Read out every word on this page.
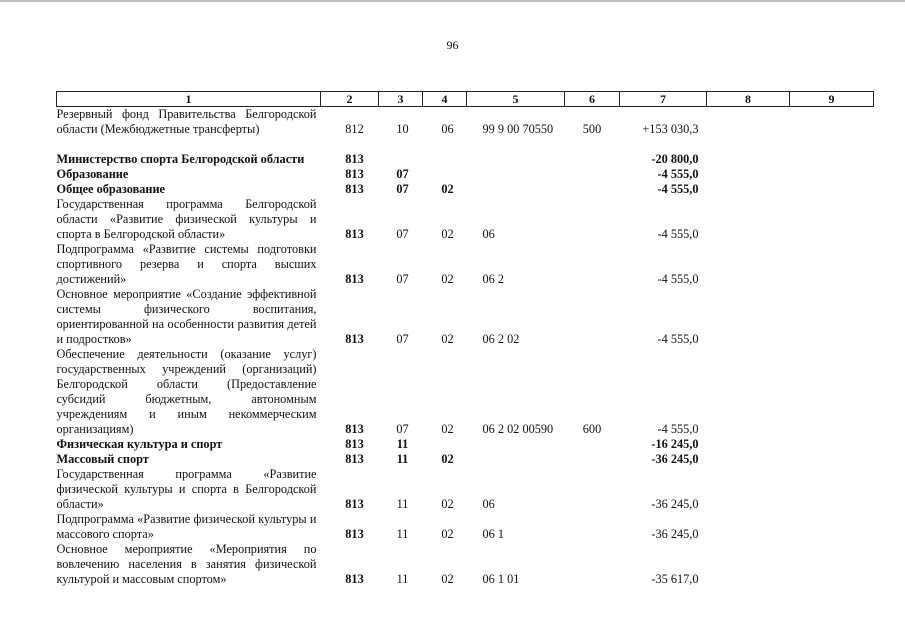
96
1	2	3	4	5	6	7	8	9
Резервный фонд Правительства Белгородской области (Межбюджетные трансферты)	812	10	06	99 9 00 70550	500	+153 030,3		
Министерство спорта Белгородской области	813					-20 800,0		
Образование	813	07				-4 555,0		
Общее образование	813	07	02			-4 555,0		
Государственная программа Белгородской области «Развитие физической культуры и спорта в Белгородской области»	813	07	02	06		-4 555,0		
Подпрограмма «Развитие системы подготовки спортивного резерва и спорта высших достижений»	813	07	02	06 2		-4 555,0		
Основное мероприятие «Создание эффективной системы физического воспитания, ориентированной на особенности развития детей и подростков»	813	07	02	06 2 02		-4 555,0		
Обеспечение деятельности (оказание услуг) государственных учреждений (организаций) Белгородской области (Предоставление субсидий бюджетным, автономным учреждениям и иным некоммерческим организациям)	813	07	02	06 2 02 00590	600	-4 555,0		
Физическая культура и спорт	813	11				-16 245,0		
Массовый спорт	813	11	02			-36 245,0		
Государственная программа «Развитие физической культуры и спорта в Белгородской области»	813	11	02	06		-36 245,0		
Подпрограмма «Развитие физической культуры и массового спорта»	813	11	02	06 1		-36 245,0		
Основное мероприятие «Мероприятия по вовлечению населения в занятия физической культурой и массовым спортом»	813	11	02	06 1 01		-35 617,0		
